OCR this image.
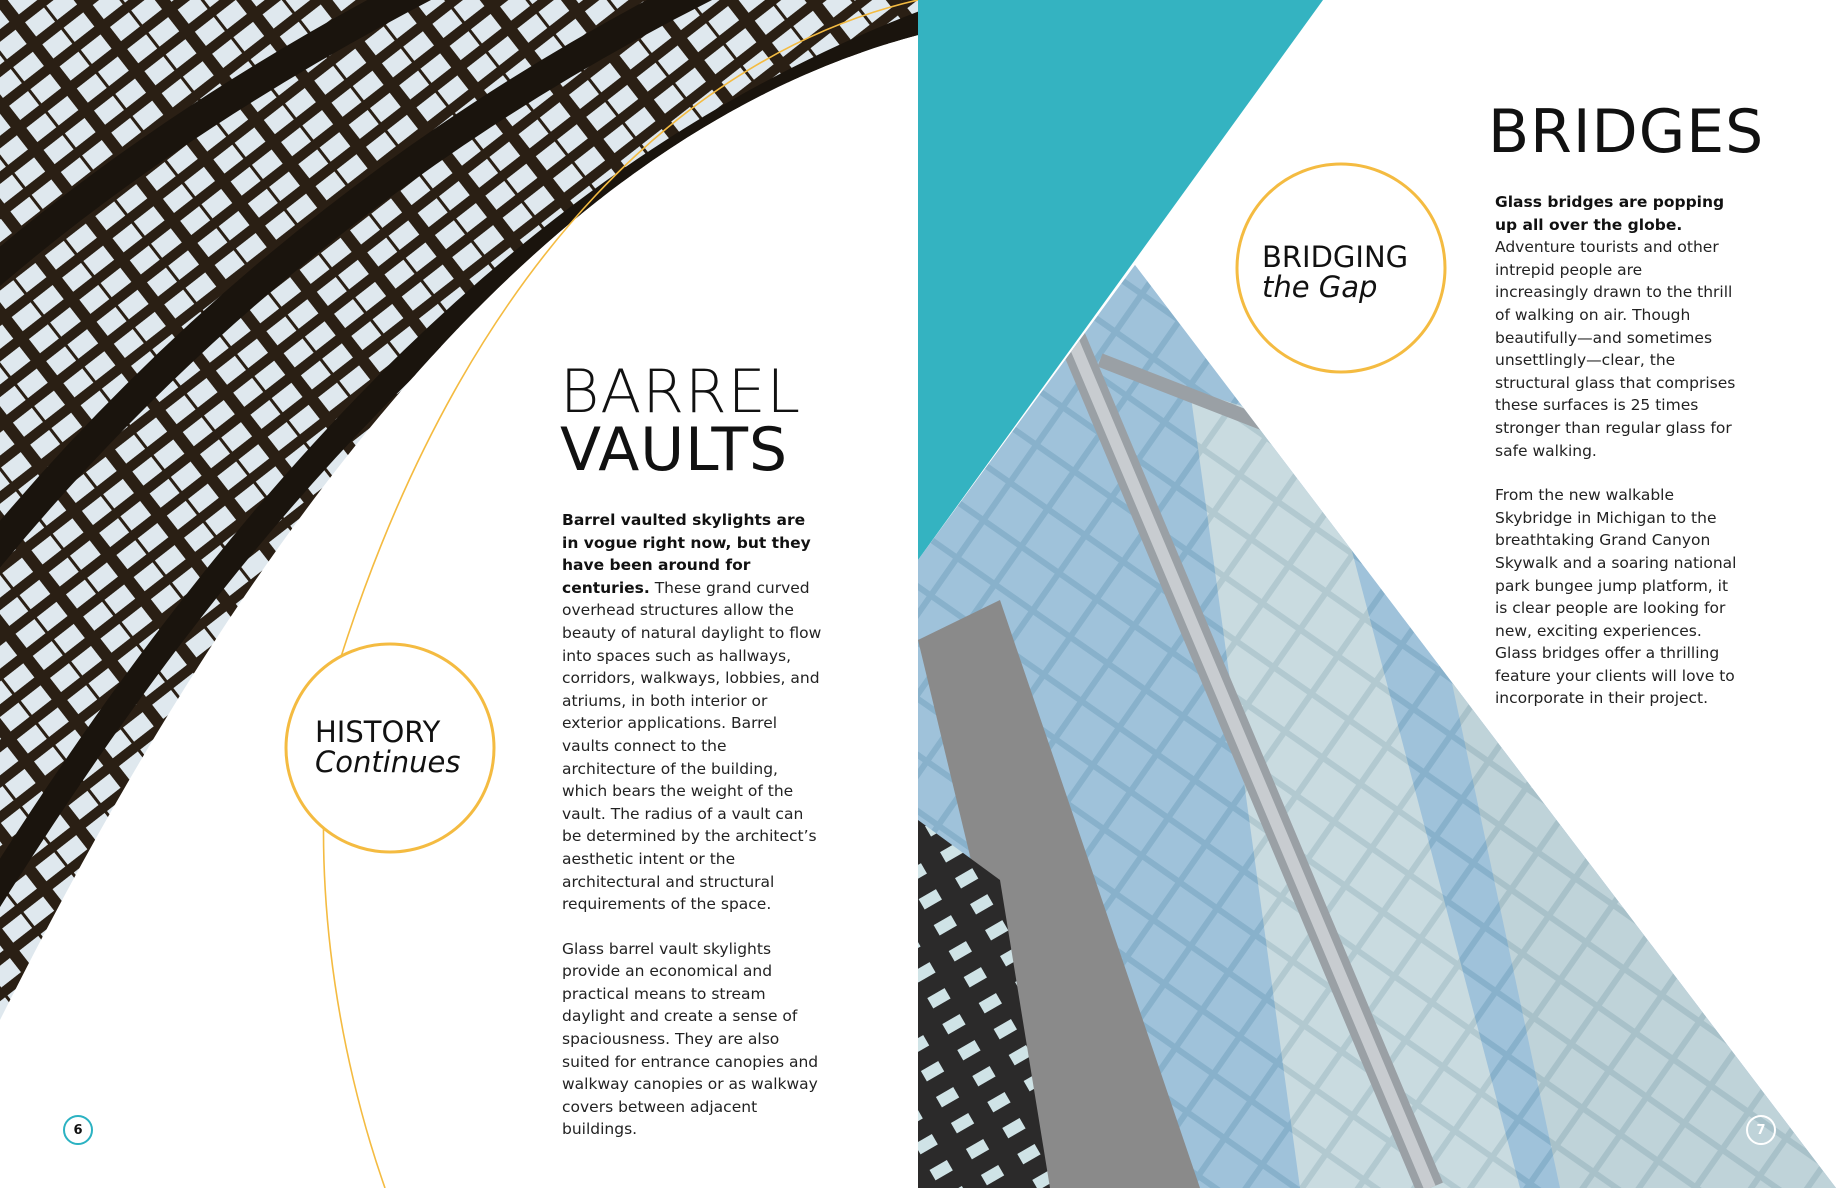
HISTORY
Continues
BARREL
VAULTS

Barrel vaulted skylights are in vogue right now, but they have been around for centuries. These grand curved overhead structures allow the beauty of natural daylight to flow into spaces such as hallways, corridors, walkways, lobbies, and atriums, in both interior or exterior applications. Barrel vaults connect to the architecture of the building, which bears the weight of the vault. The radius of a vault can be determined by the architect’s aesthetic intent or the architectural and structural requirements of the space.

Glass barrel vault skylights provide an economical and practical means to stream daylight and create a sense of spaciousness. They are also suited for entrance canopies and walkway canopies or as walkway covers between adjacent buildings.

6
BRIDGING
the Gap
BRIDGES

Glass bridges are popping up all over the globe. Adventure tourists and other intrepid people are increasingly drawn to the thrill of walking on air. Though beautifully—and sometimes unsettlingly—clear, the structural glass that comprises these surfaces is 25 times stronger than regular glass for safe walking.

From the new walkable Skybridge in Michigan to the breathtaking Grand Canyon Skywalk and a soaring national park bungee jump platform, it is clear people are looking for new, exciting experiences. Glass bridges offer a thrilling feature your clients will love to incorporate in their project.

7
